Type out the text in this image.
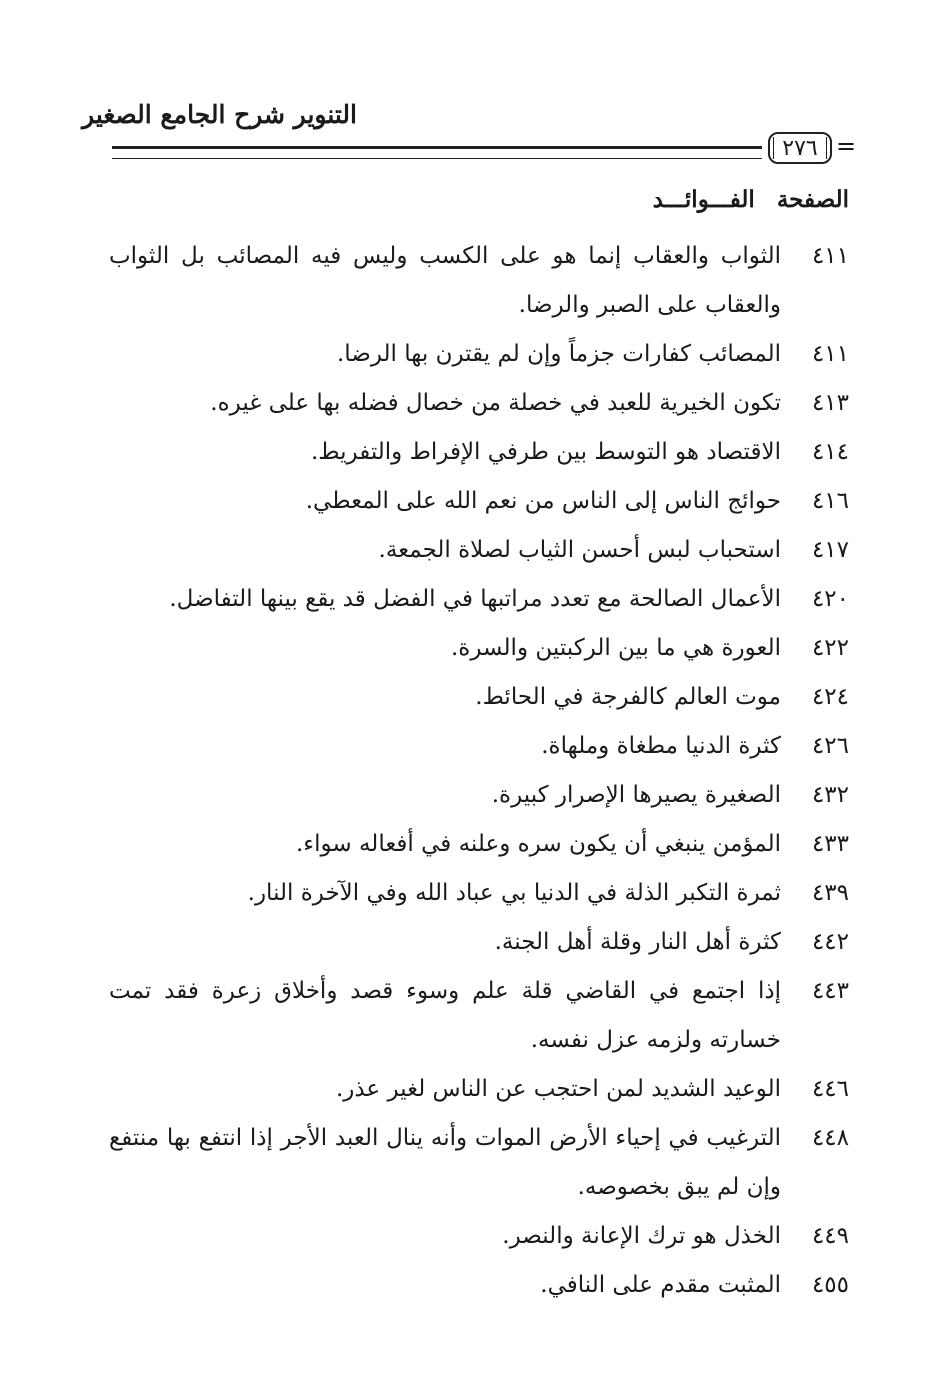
التنوير شرح الجامع الصغير
٢٧٦ =
الصفحة الفـــوائـــد
٤١١
الثواب والعقاب إنما هو على الكسب وليس فيه المصائب بل الثواب والعقاب على الصبر والرضا.
٤١١
المصائب كفارات جزماً وإن لم يقترن بها الرضا.
٤١٣
تكون الخيرية للعبد في خصلة من خصال فضله بها على غيره.
٤١٤
الاقتصاد هو التوسط بين طرفي الإفراط والتفريط.
٤١٦
حوائج الناس إلى الناس من نعم الله على المعطي.
٤١٧
استحباب لبس أحسن الثياب لصلاة الجمعة.
٤٢٠
الأعمال الصالحة مع تعدد مراتبها في الفضل قد يقع بينها التفاضل.
٤٢٢
العورة هي ما بين الركبتين والسرة.
٤٢٤
موت العالم كالفرجة في الحائط.
٤٢٦
كثرة الدنيا مطغاة وملهاة.
٤٣٢
الصغيرة يصيرها الإصرار كبيرة.
٤٣٣
المؤمن ينبغي أن يكون سره وعلنه في أفعاله سواء.
٤٣٩
ثمرة التكبر الذلة في الدنيا بي عباد الله وفي الآخرة النار.
٤٤٢
كثرة أهل النار وقلة أهل الجنة.
٤٤٣
إذا اجتمع في القاضي قلة علم وسوء قصد وأخلاق زعرة فقد تمت خسارته ولزمه عزل نفسه.
٤٤٦
الوعيد الشديد لمن احتجب عن الناس لغير عذر.
٤٤٨
الترغيب في إحياء الأرض الموات وأنه ينال العبد الأجر إذا انتفع بها منتفع وإن لم يبق بخصوصه.
٤٤٩
الخذل هو ترك الإعانة والنصر.
٤٥٥
المثبت مقدم على النافي.
